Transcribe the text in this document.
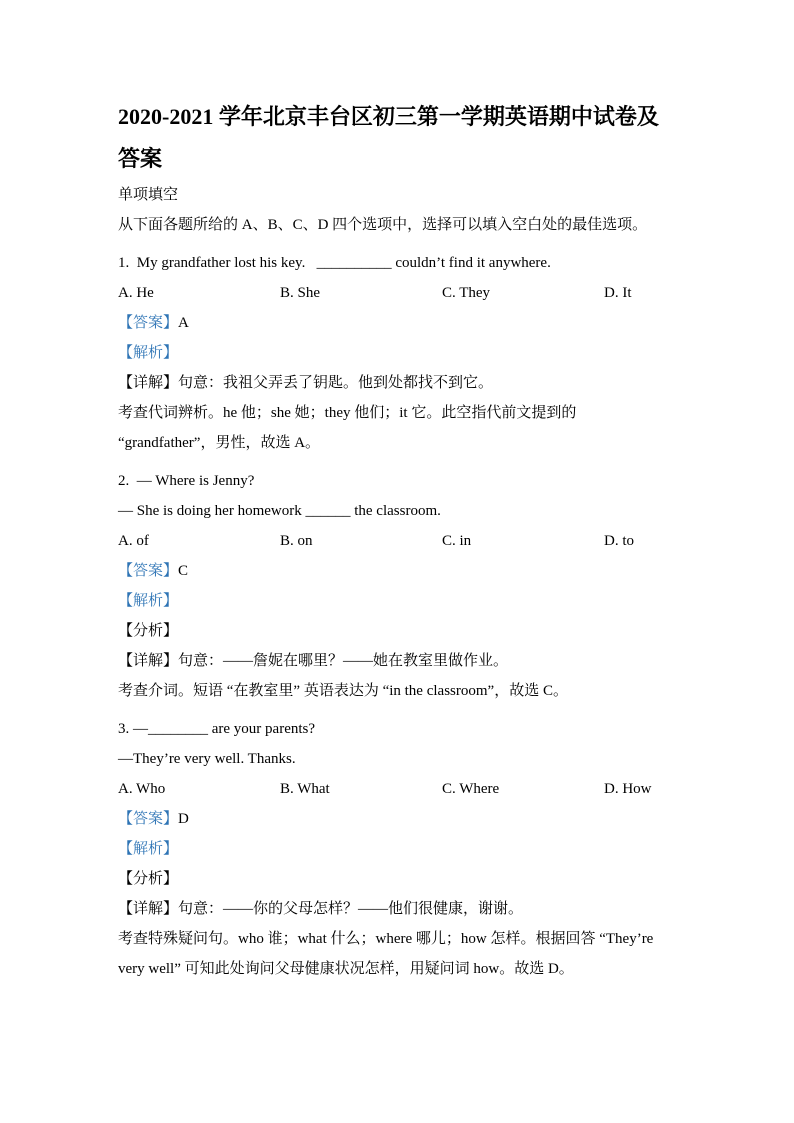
2020-2021 学年北京丰台区初三第一学期英语期中试卷及答案
单项填空
从下面各题所给的 A、B、C、D 四个选项中，选择可以填入空白处的最佳选项。
1.  My grandfather lost his key.   __________ couldn’t find it anywhere.
A. He	B. She	C. They	D. It
【答案】A
【解析】
【详解】句意：我祖父弄丢了钥匙。他到处都找不到它。
考查代词辨析。he 他；she 她；they 他们；it 它。此空指代前文提到的 “grandfather”，男性，故选 A。
2.  — Where is Jenny?
— She is doing her homework ______ the classroom.
A. of	B. on	C. in	D. to
【答案】C
【解析】
【分析】
【详解】句意：——詹妮在哪里？——她在教室里做作业。
考查介词。短语 “在教室里” 英语表达为 “in the classroom”，故选 C。
3. —________ are your parents?
—They’re very well. Thanks.
A. Who	B. What	C. Where	D. How
【答案】D
【解析】
【分析】
【详解】句意：——你的父母怎样？——他们很健康，谢谢。
考查特殊疑问句。who 谁；what 什么；where 哪儿；how 怎样。根据回答 “They’re very well” 可知此处询问父母健康状况怎样，用疑问词 how。故选 D。
